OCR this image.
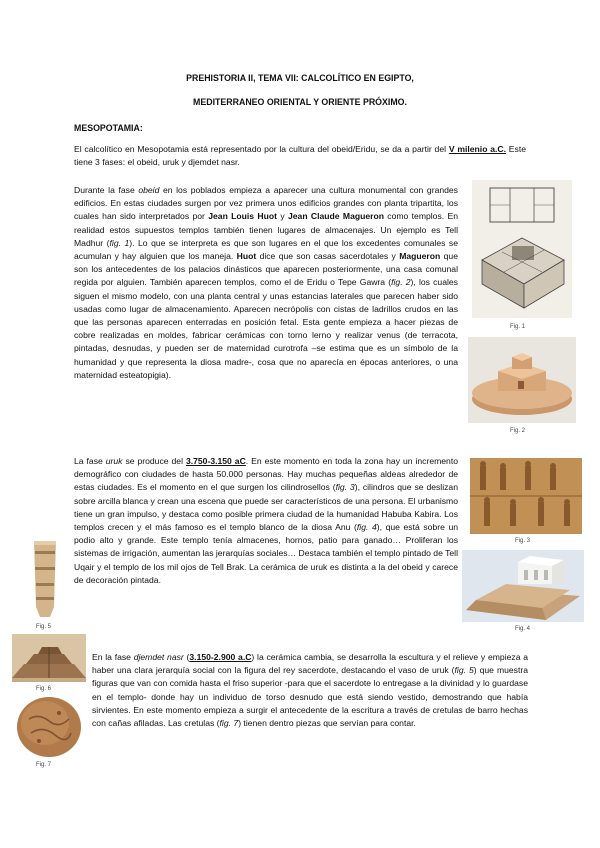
PREHISTORIA II, TEMA VII: CALCOLÍTICO EN EGIPTO,
MEDITERRANEO ORIENTAL Y ORIENTE PRÓXIMO.
MESOPOTAMIA:

El calcolítico en Mesopotamia está representado por la cultura del obeid/Eridu, se da a partir del V milenio a.C. Este tiene 3 fases: el obeid, uruk y djemdet nasr.

Durante la fase obeid en los poblados empieza a aparecer una cultura monumental con grandes edificios. En estas ciudades surgen por vez primera unos edificios grandes con planta tripartita, los cuales han sido interpretados por Jean Louis Huot y Jean Claude Magueron como templos. En realidad estos supuestos templos también tienen lugares de almacenajes. Un ejemplo es Tell Madhur (fig. 1). Lo que se interpreta es que son lugares en el que los excedentes comunales se acumulan y hay alguien que los maneja. Huot dice que son casas sacerdotales y Magueron que son los antecedentes de los palacios dinásticos que aparecen posteriormente, una casa comunal regida por alguien. También aparecen templos, como el de Eridu o Tepe Gawra (fig. 2), los cuales siguen el mismo modelo, con una planta central y unas estancias laterales que parecen haber sido usadas como lugar de almacenamiento. Aparecen necrópolis con cistas de ladrillos crudos en las que las personas aparecen enterradas en posición fetal. Esta gente empieza a hacer piezas de cobre realizadas en moldes, fabricar cerámicas con torno lerno y realizar venus (de terracota, pintadas, desnudas, y pueden ser de maternidad curotrofa –se estima que es un símbolo de la humanidad y que representa la diosa madre-, cosa que no aparecía en épocas anteriores, o una maternidad esteatopigia).

La fase uruk se produce del 3.750-3.150 aC. En este momento en toda la zona hay un incremento demográfico con ciudades de hasta 50.000 personas. Hay muchas pequeñas aldeas alrededor de estas ciudades. Es el momento en el que surgen los cilindrosellos (fig. 3), cilindros que se deslizan sobre arcilla blanca y crean una escena que puede ser característicos de una persona. El urbanismo tiene un gran impulso, y destaca como posible primera ciudad de la humanidad Habuba Kabira. Los templos crecen y el más famoso es el templo blanco de la diosa Anu (fig. 4), que está sobre un podio alto y grande. Este templo tenía almacenes, hornos, patio para ganado… Proliferan los sistemas de irrigación, aumentan las jerarquías sociales… Destaca también el templo pintado de Tell Uqair y el templo de los mil ojos de Tell Brak. La cerámica de uruk es distinta a la del obeid y carece de decoración pintada.

En la fase djemdet nasr (3.150-2.900 a.C) la cerámica cambia, se desarrolla la escultura y el relieve y empieza a haber una clara jerarquía social con la figura del rey sacerdote, destacando el vaso de uruk (fig. 5) que muestra figuras que van con comida hasta el friso superior -para que el sacerdote lo entregase a la divinidad y lo guardase en el templo- donde hay un individuo de torso desnudo que está siendo vestido, demostrando que había sirvientes. En este momento empieza a surgir el antecedente de la escritura a través de cretulas de barro hechas con cañas afiladas. Las cretulas (fig. 7) tienen dentro piezas que servían para contar.

Fig. 1
Fig. 2
Fig. 3
Fig. 4
Fig. 5
Fig. 6
Fig. 7
